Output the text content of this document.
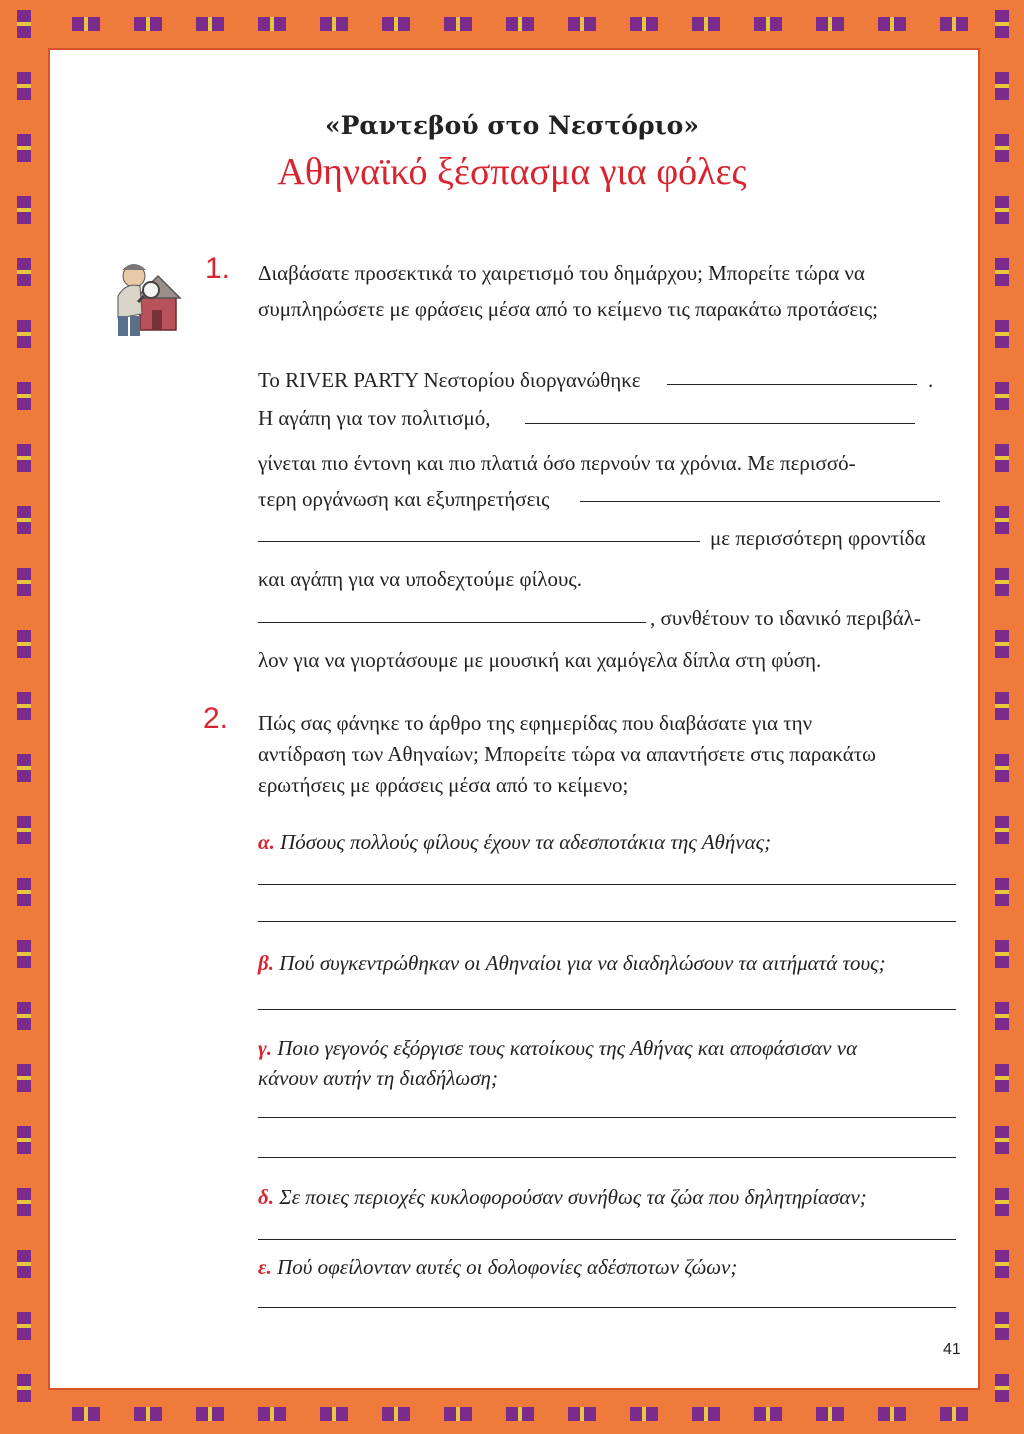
«Ραντεβού στο Νεστόριο»
Αθηναϊκό ξέσπασμα για φόλες
1. Διαβάσατε προσεκτικά το χαιρετισμό του δημάρχου; Μπορείτε τώρα να
συμπληρώσετε με φράσεις μέσα από το κείμενο τις παρακάτω προτάσεις;
Το RIVER PARTY Νεστορίου διοργανώθηκε	.
Η αγάπη για τον πολιτισμό,
γίνεται πιο έντονη και πιο πλατιά όσο περνούν τα χρόνια. Με περισσό-
τερη οργάνωση και εξυπηρετήσεις
με περισσότερη φροντίδα
και αγάπη για να υποδεχτούμε φίλους.
, συνθέτουν το ιδανικό περιβάλ-
λον για να γιορτάσουμε με μουσική και χαμόγελα δίπλα στη φύση.
2. Πώς σας φάνηκε το άρθρο της εφημερίδας που διαβάσατε για την
αντίδραση των Αθηναίων; Μπορείτε τώρα να απαντήσετε στις παρακάτω
ερωτήσεις με φράσεις μέσα από το κείμενο;
α. Πόσους πολλούς φίλους έχουν τα αδεσποτάκια της Αθήνας;
β. Πού συγκεντρώθηκαν οι Αθηναίοι για να διαδηλώσουν τα αιτήματά τους;
γ. Ποιο γεγονός εξόργισε τους κατοίκους της Αθήνας και αποφάσισαν να
κάνουν αυτήν τη διαδήλωση;
δ. Σε ποιες περιοχές κυκλοφορούσαν συνήθως τα ζώα που δηλητηρίασαν;
ε. Πού οφείλονταν αυτές οι δολοφονίες αδέσποτων ζώων;
41
